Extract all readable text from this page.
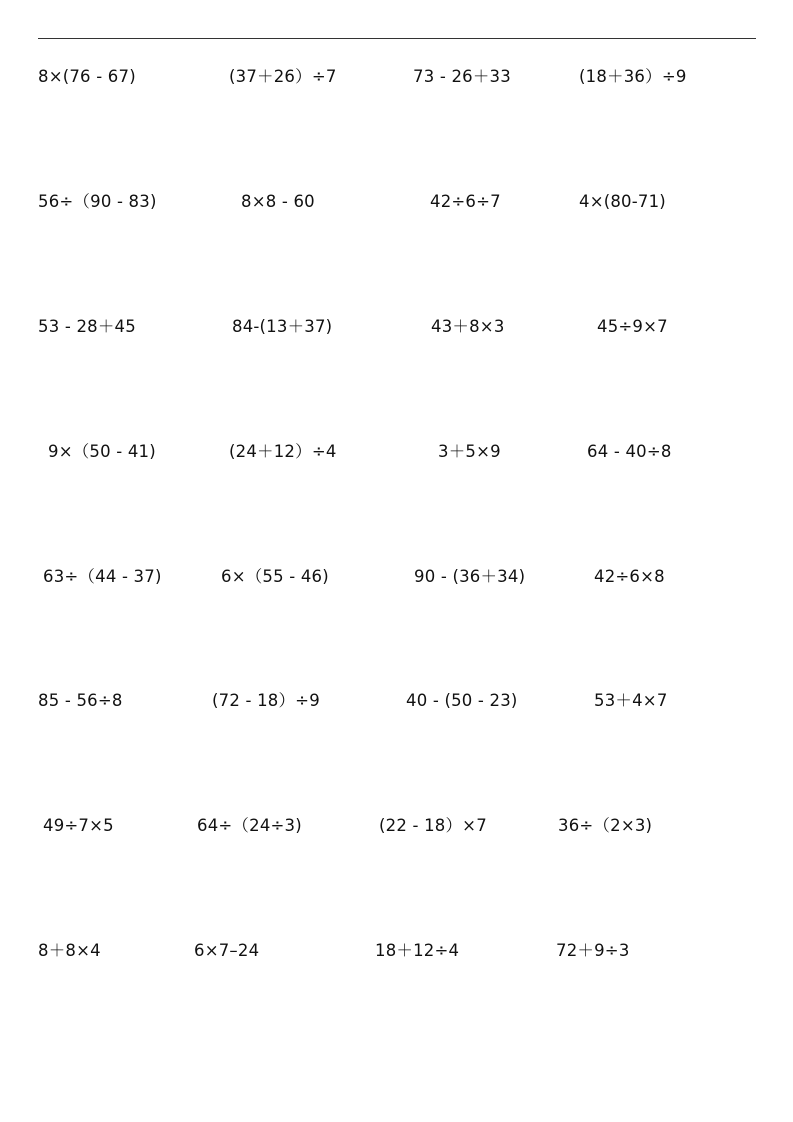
8×(76 - 67)	(37＋26）÷7	73 - 26＋33	(18＋36）÷9
56÷（90 - 83)	8×8 - 60	42÷6÷7	4×(80-71)
53 - 28＋45	84-(13＋37)	43＋8×3	45÷9×7
9×（50 - 41)	(24＋12）÷4	3＋5×9	64 - 40÷8
63÷（44 - 37)	6×（55 - 46)	90 - (36＋34)	42÷6×8
85 - 56÷8	(72 - 18）÷9	40 - (50 - 23)	53＋4×7
49÷7×5	64÷（24÷3)	(22 - 18）×7	36÷（2×3)
8＋8×4	6×7–24	18＋12÷4	72＋9÷3
